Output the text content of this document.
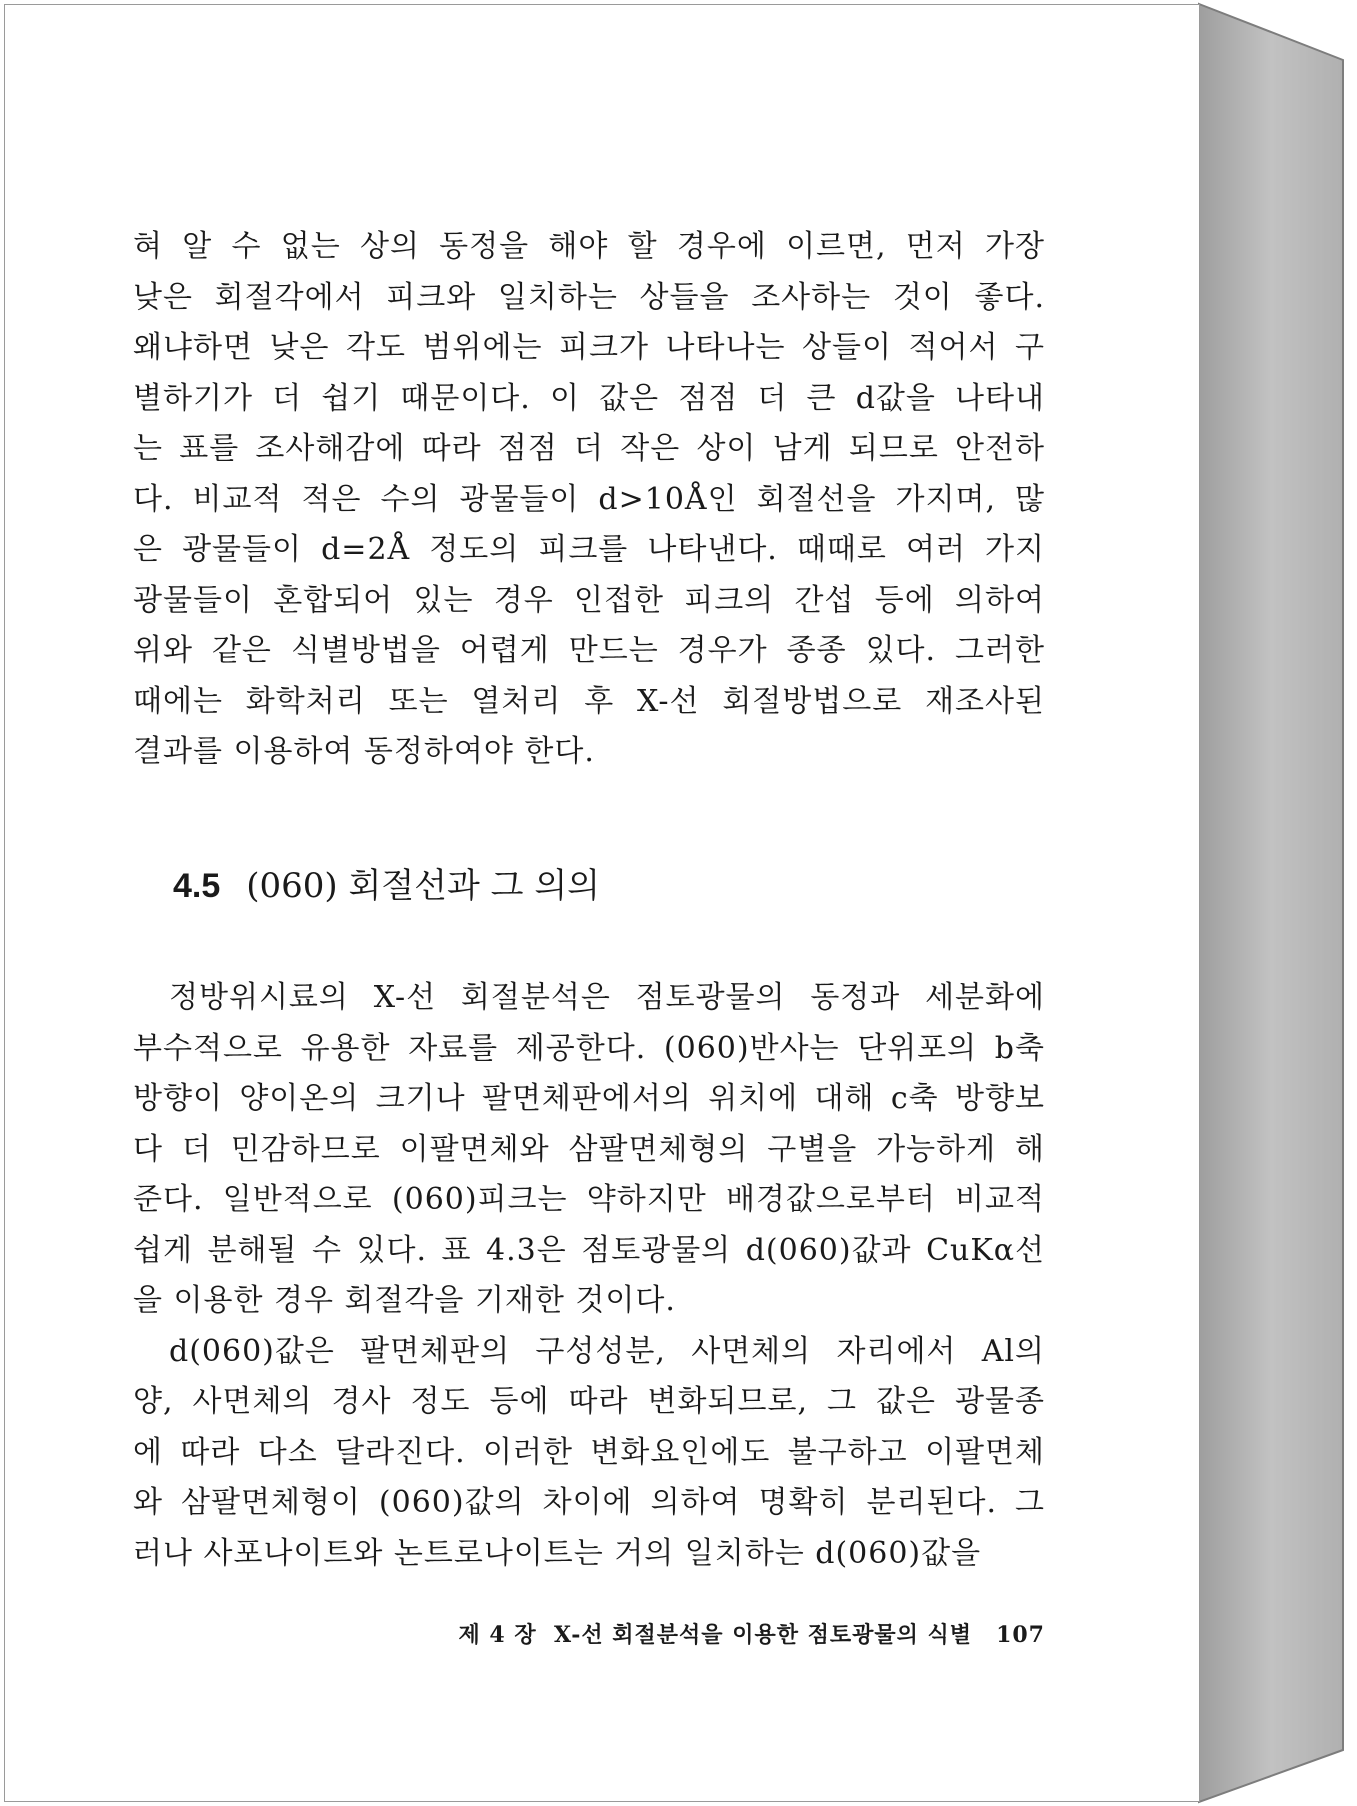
혀 알 수 없는 상의 동정을 해야 할 경우에 이르면, 먼저 가장
낮은 회절각에서 피크와 일치하는 상들을 조사하는 것이 좋다.
왜냐하면 낮은 각도 범위에는 피크가 나타나는 상들이 적어서 구
별하기가 더 쉽기 때문이다. 이 값은 점점 더 큰 d값을 나타내
는 표를 조사해감에 따라 점점 더 작은 상이 남게 되므로 안전하
다. 비교적 적은 수의 광물들이 d>10Å인 회절선을 가지며, 많
은 광물들이 d=2Å 정도의 피크를 나타낸다. 때때로 여러 가지
광물들이 혼합되어 있는 경우 인접한 피크의 간섭 등에 의하여
위와 같은 식별방법을 어렵게 만드는 경우가 종종 있다. 그러한
때에는 화학처리 또는 열처리 후 X-선 회절방법으로 재조사된
결과를 이용하여 동정하여야 한다.
4.5 (060) 회절선과 그 의의
정방위시료의 X-선 회절분석은 점토광물의 동정과 세분화에
부수적으로 유용한 자료를 제공한다. (060)반사는 단위포의 b축
방향이 양이온의 크기나 팔면체판에서의 위치에 대해 c축 방향보
다 더 민감하므로 이팔면체와 삼팔면체형의 구별을 가능하게 해
준다. 일반적으로 (060)피크는 약하지만 배경값으로부터 비교적
쉽게 분해될 수 있다. 표 4.3은 점토광물의 d(060)값과 CuKα선
을 이용한 경우 회절각을 기재한 것이다.
d(060)값은 팔면체판의 구성성분, 사면체의 자리에서 Al의
양, 사면체의 경사 정도 등에 따라 변화되므로, 그 값은 광물종
에 따라 다소 달라진다. 이러한 변화요인에도 불구하고 이팔면체
와 삼팔면체형이 (060)값의 차이에 의하여 명확히 분리된다. 그
러나 사포나이트와 논트로나이트는 거의 일치하는 d(060)값을
제 4 장 X-선 회절분석을 이용한 점토광물의 식별 107
